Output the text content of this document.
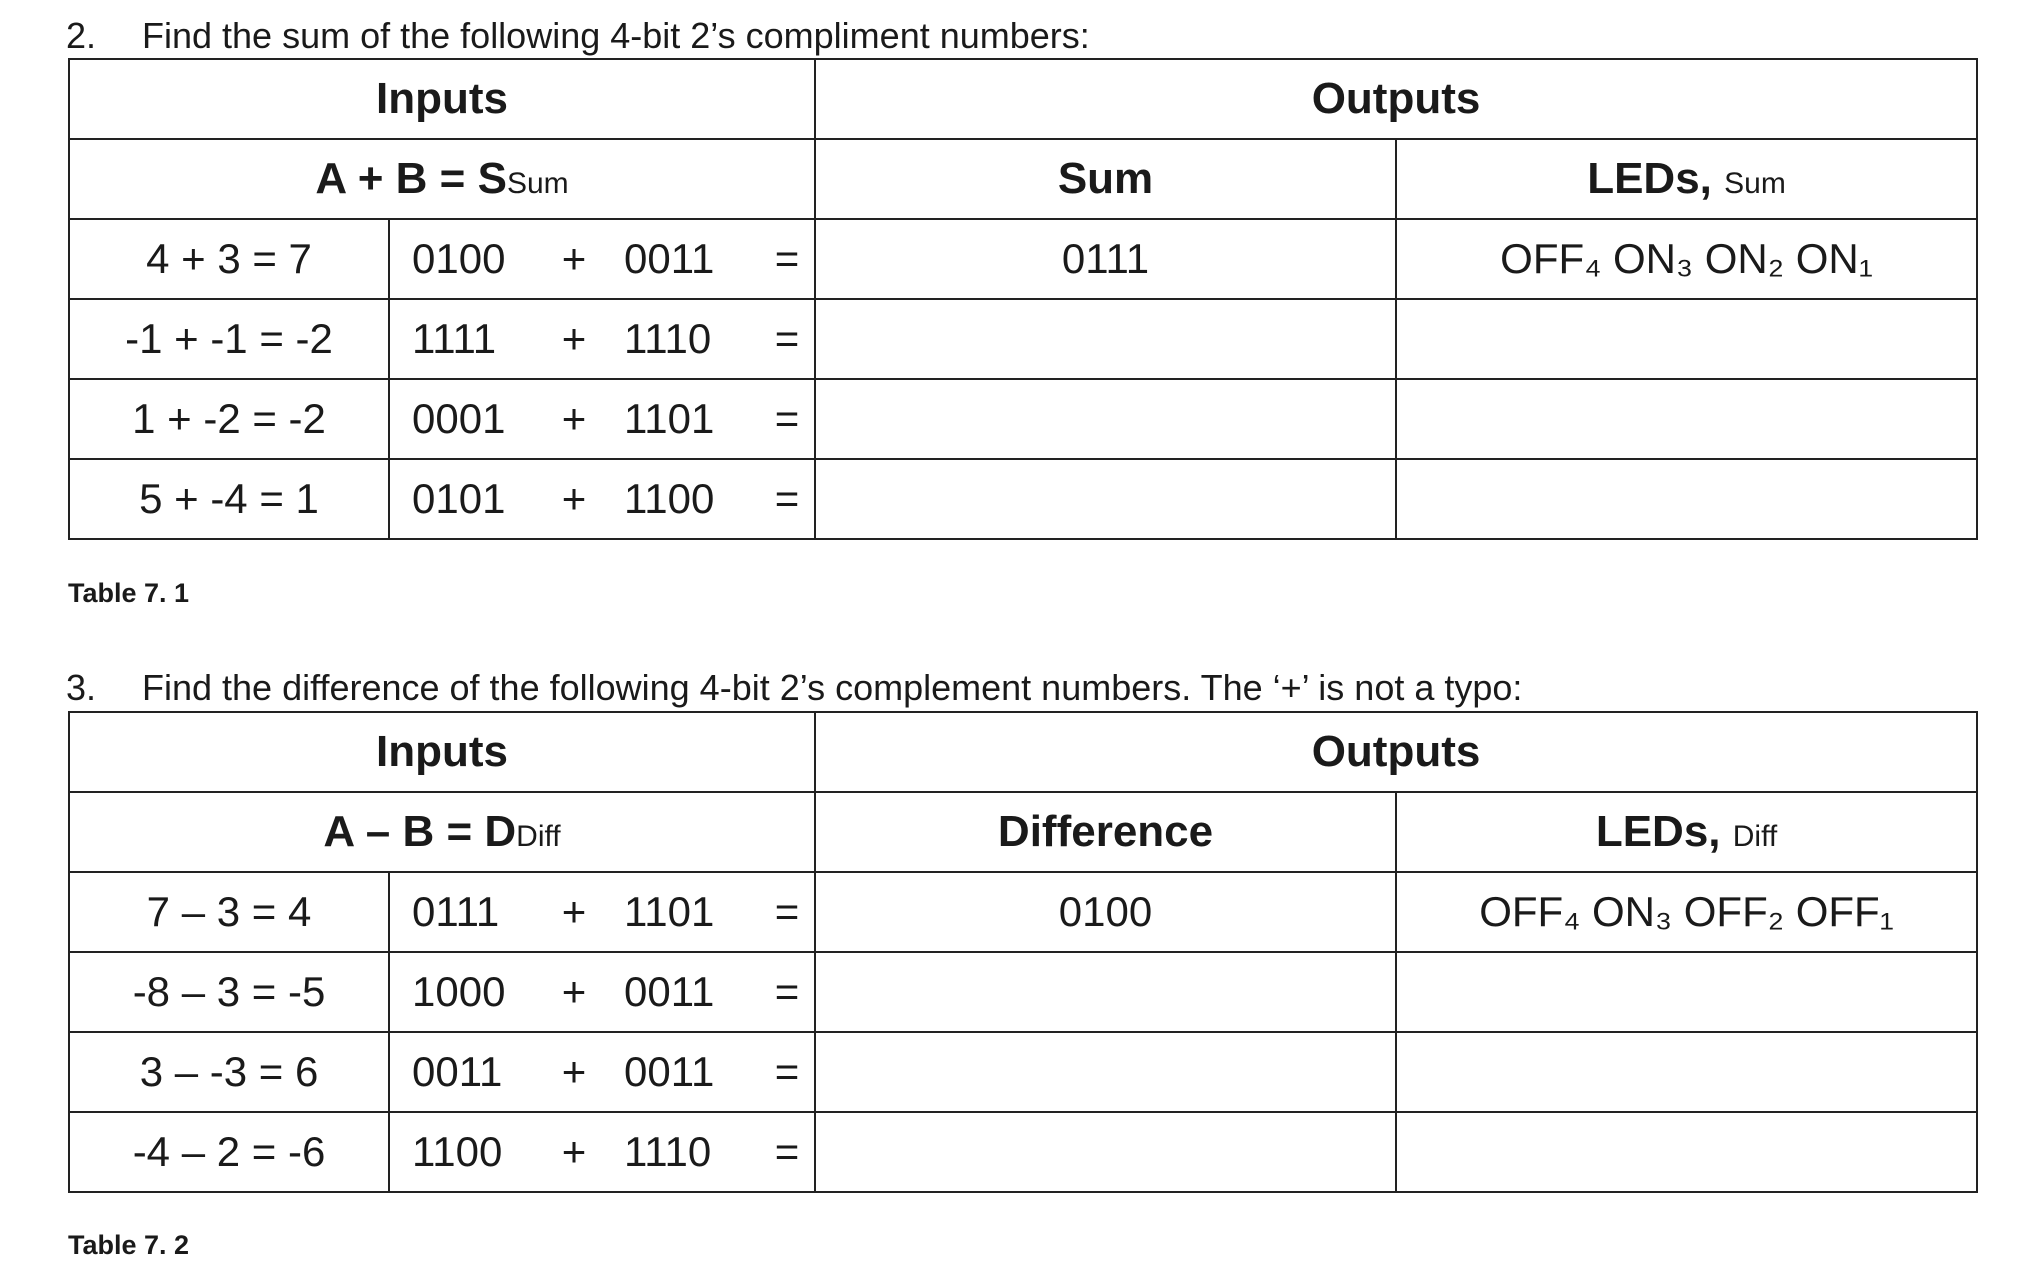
2. Find the sum of the following 4-bit 2’s compliment numbers:
Inputs		Outputs	
A + B = SSum		Sum	LEDs, Sum
4 + 3 = 7	0100 + 0011 =	0111	OFF₄ ON₃ ON₂ ON₁
-1 + -1 = -2	1111 + 1110 =		

1 + -2 = -2	0001 + 1101 =		

5 + -4 = 1	0101 + 1100 =		

Table 7. 1
3. Find the difference of the following 4-bit 2’s complement numbers. The ‘+’ is not a typo:
Inputs		Outputs	
A – B = DDiff		Difference	LEDs, Diff
7 – 3 = 4	0111 + 1101 =	0100	OFF₄ ON₃ OFF₂ OFF₁
-8 – 3 = -5	1000 + 0011 =		

3 – -3 = 6	0011 + 0011 =		

-4 – 2 = -6	1100 + 1110 =		

Table 7. 2
